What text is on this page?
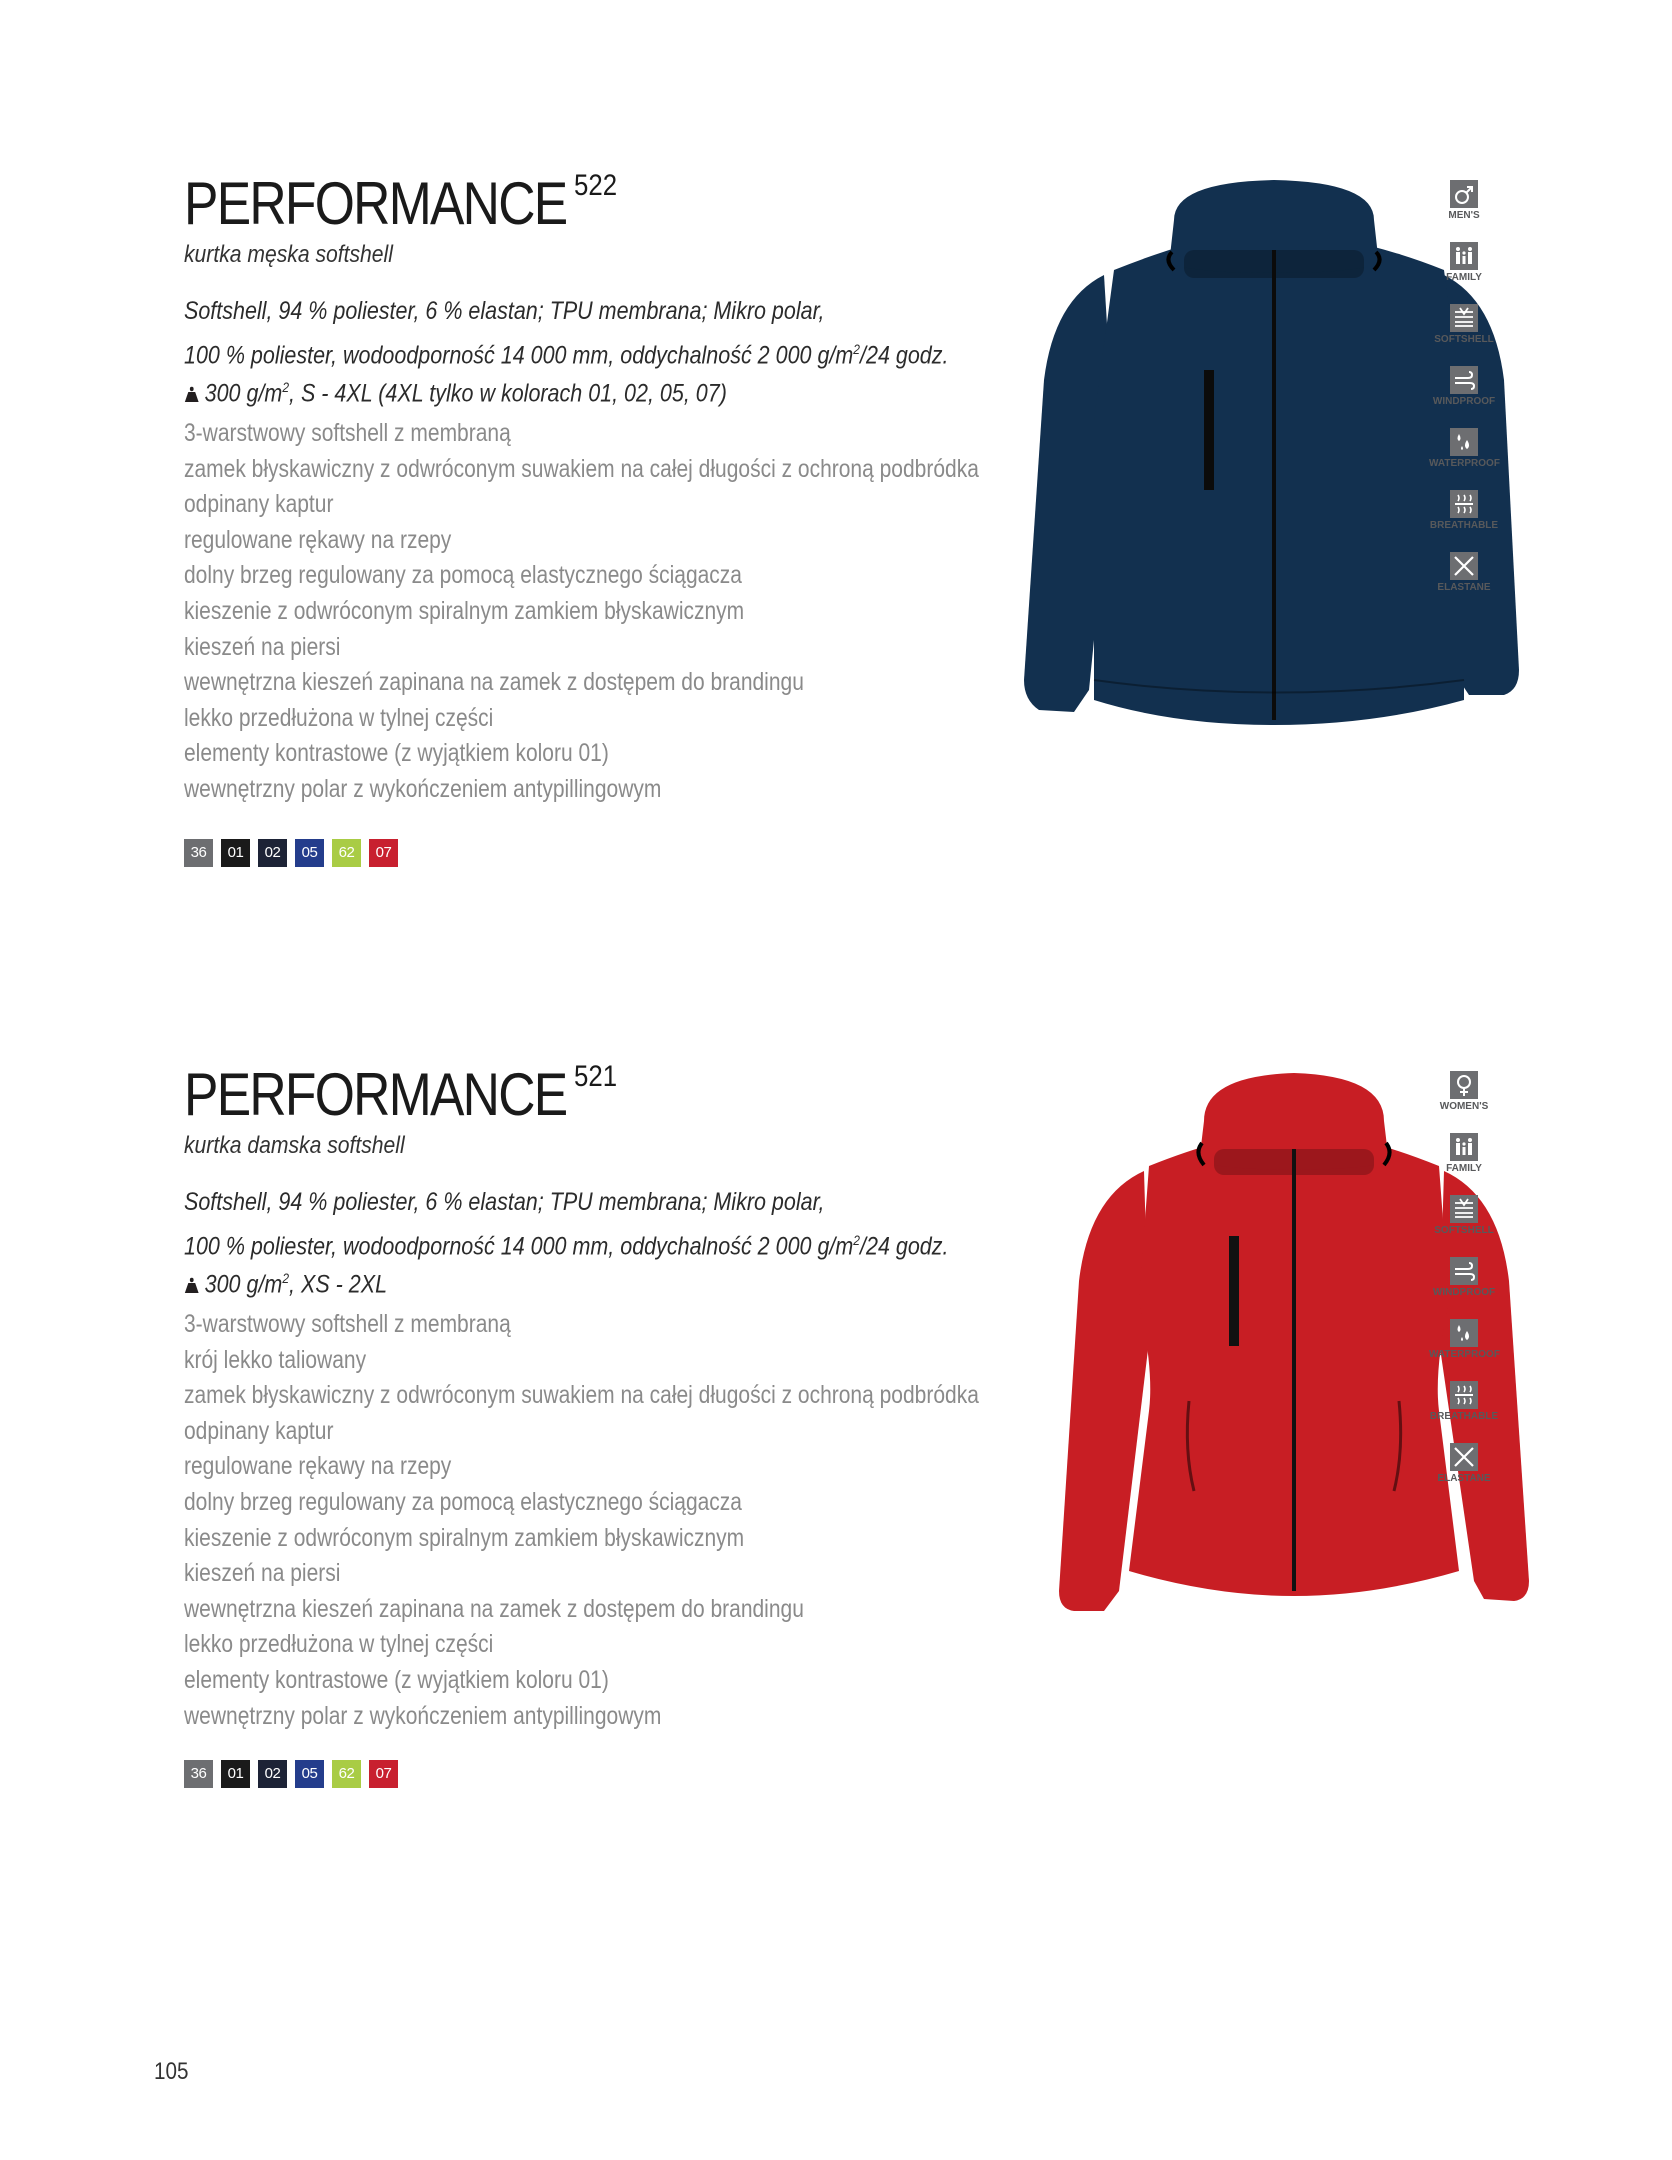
PERFORMANCE 522
kurtka męska softshell
Softshell, 94 % poliester, 6 % elastan; TPU membrana; Mikro polar,
100 % poliester, wodoodporność 14 000 mm, oddychalność 2 000 $g/m^2/24$ godz.
300 $g/m^2$, S - 4XL (4XL tylko w kolorach 01, 02, 05, 07)
3-warstwowy softshell z membraną
zamek błyskawiczny z odwróconym suwakiem na całej długości z ochroną podbródka
odpinany kaptur
regulowane rękawy na rzepy
dolny brzeg regulowany za pomocą elastycznego ściągacza
kieszenie z odwróconym spiralnym zamkiem błyskawicznym
kieszeń na piersi
wewnętrzna kieszeń zapinana na zamek z dostępem do brandingu
lekko przedłużona w tylnej części
elementy kontrastowe (z wyjątkiem koloru 01)
wewnętrzny polar z wykończeniem antypillingowym
36	01	02	05	62	07
MEN'S
FAMILY
SOFTSHELL
WINDPROOF
WATERPROOF
BREATHABLE
ELASTANE
PERFORMANCE 521
kurtka damska softshell
Softshell, 94 % poliester, 6 % elastan; TPU membrana; Mikro polar,
100 % poliester, wodoodporność 14 000 mm, oddychalność 2 000 $g/m^2/24$ godz.
300 $g/m^2$, XS - 2XL
3-warstwowy softshell z membraną
krój lekko taliowany
zamek błyskawiczny z odwróconym suwakiem na całej długości z ochroną podbródka
odpinany kaptur
regulowane rękawy na rzepy
dolny brzeg regulowany za pomocą elastycznego ściągacza
kieszenie z odwróconym spiralnym zamkiem błyskawicznym
kieszeń na piersi
wewnętrzna kieszeń zapinana na zamek z dostępem do brandingu
lekko przedłużona w tylnej części
elementy kontrastowe (z wyjątkiem koloru 01)
wewnętrzny polar z wykończeniem antypillingowym
36	01	02	05	62	07
WOMEN'S
FAMILY
SOFTSHELL
WINDPROOF
WATERPROOF
BREATHABLE
ELASTANE
105
